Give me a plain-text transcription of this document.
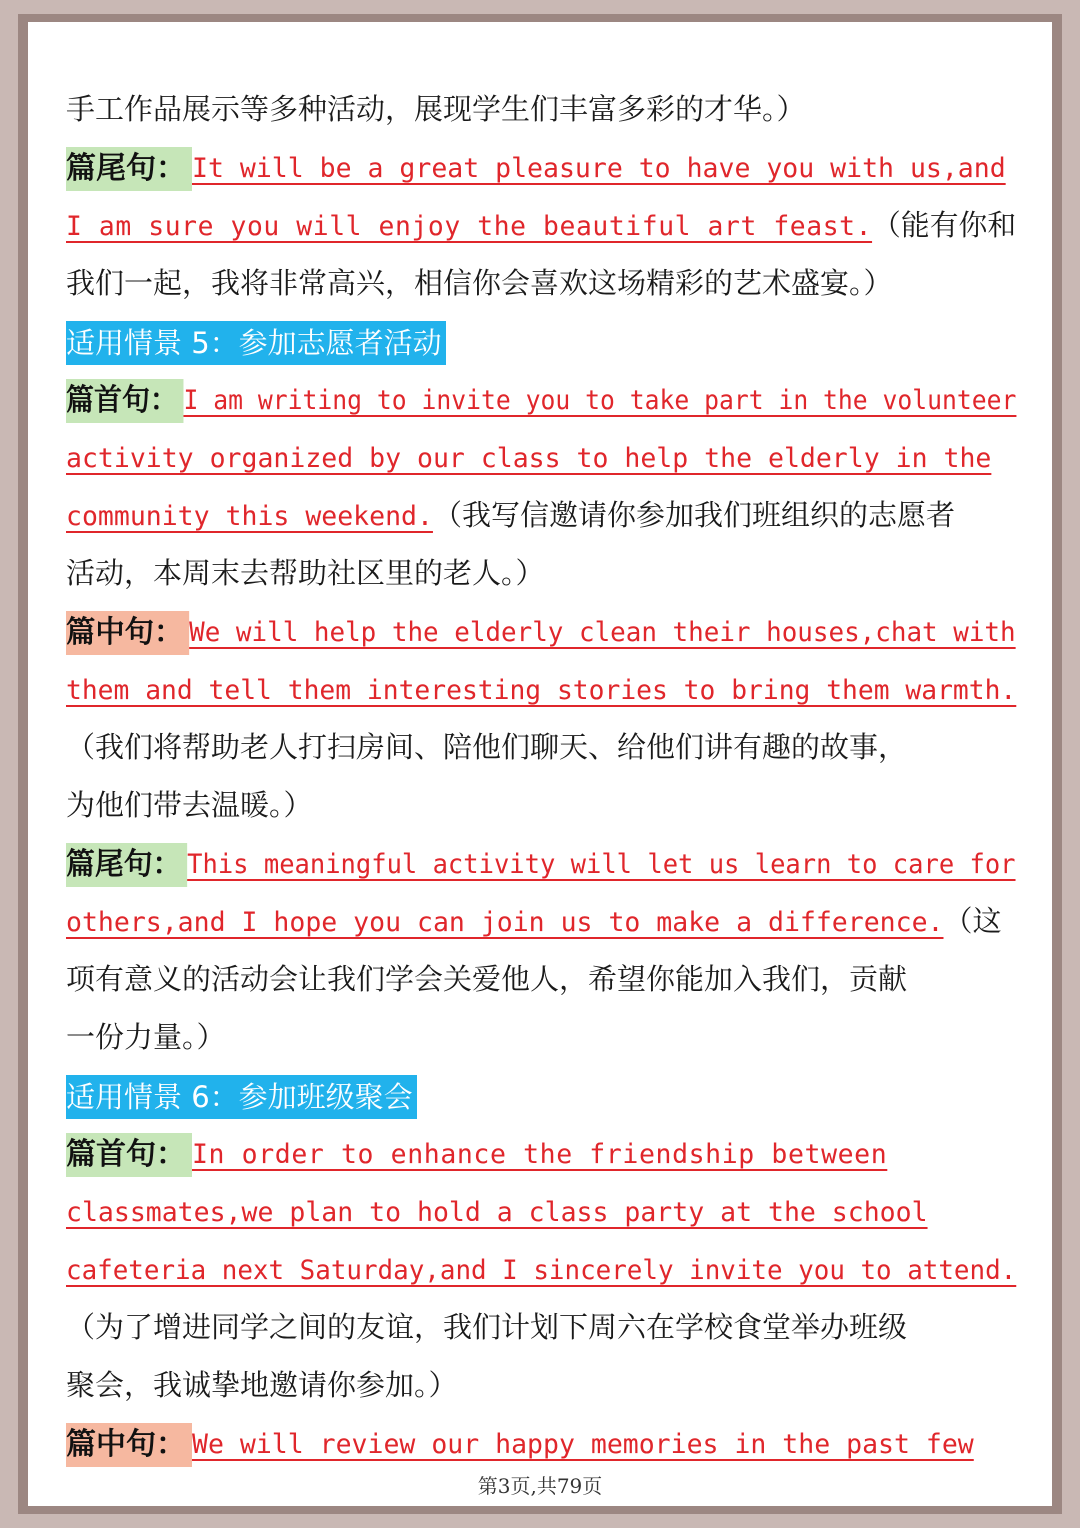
手工作品展示等多种活动，展现学生们丰富多彩的才华。）
篇尾句： It will be a great pleasure to have you with us,and
I am sure you will enjoy the beautiful art feast.（能有你和
我们一起，我将非常高兴，相信你会喜欢这场精彩的艺术盛宴。）
适用情景 5：参加志愿者活动
篇首句： I am writing to invite you to take part in the volunteer
activity organized by our class to help the elderly in the
community this weekend.（我写信邀请你参加我们班组织的志愿者
活动，本周末去帮助社区里的老人。）
篇中句： We will help the elderly clean their houses,chat with
them and tell them interesting stories to bring them warmth.
（我们将帮助老人打扫房间、陪他们聊天、给他们讲有趣的故事，
为他们带去温暖。）
篇尾句： This meaningful activity will let us learn to care for
others,and I hope you can join us to make a difference.（这
项有意义的活动会让我们学会关爱他人，希望你能加入我们，贡献
一份力量。）
适用情景 6：参加班级聚会
篇首句： In order to enhance the friendship between
classmates,we plan to hold a class party at the school
cafeteria next Saturday,and I sincerely invite you to attend.
（为了增进同学之间的友谊，我们计划下周六在学校食堂举办班级
聚会，我诚挚地邀请你参加。）
篇中句： We will review our happy memories in the past few
第3页,共79页
